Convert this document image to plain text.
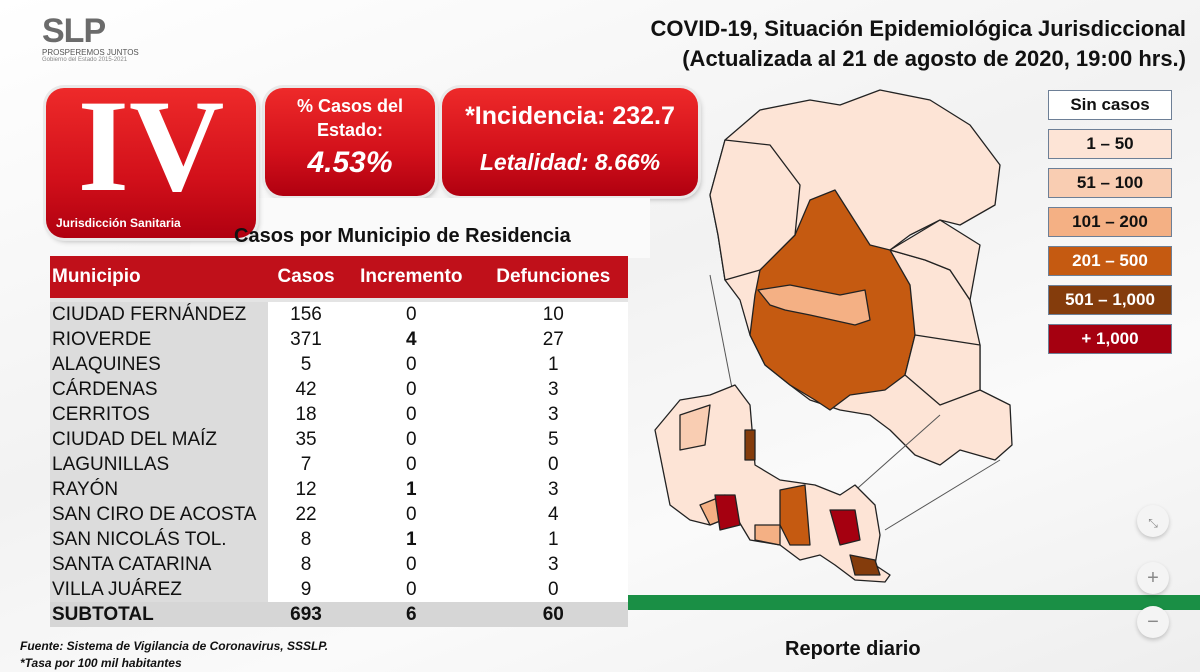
SLP
PROSPEREMOS JUNTOS
Gobierno del Estado 2015-2021
COVID-19, Situación Epidemiológica Jurisdiccional
(Actualizada al 21 de agosto de 2020, 19:00 hrs.)
% Casos del
Estado:
4.53%
*Incidencia: 232.7
Letalidad: 8.66%
IV
Jurisdicción Sanitaria
Casos por Municipio de Residencia
Municipio	Casos	Incremento	Defunciones
CIUDAD FERNÁNDEZ	156	0	10
RIOVERDE	371	4	27
ALAQUINES	5	0	1
CÁRDENAS	42	0	3
CERRITOS	18	0	3
CIUDAD DEL MAÍZ	35	0	5
LAGUNILLAS	7	0	0
RAYÓN	12	1	3
SAN CIRO DE ACOSTA	22	0	4
SAN NICOLÁS TOL.	8	1	1
SANTA CATARINA	8	0	3
VILLA JUÁREZ	9	0	0
SUBTOTAL	693	6	60
Fuente: Sistema de Vigilancia de Coronavirus, SSSLP.
*Tasa por 100 mil habitantes
Sin casos
1 – 50
51 – 100
101 – 200
201 – 500
501 – 1,000
+ 1,000
Reporte diario
⤡
+
−
